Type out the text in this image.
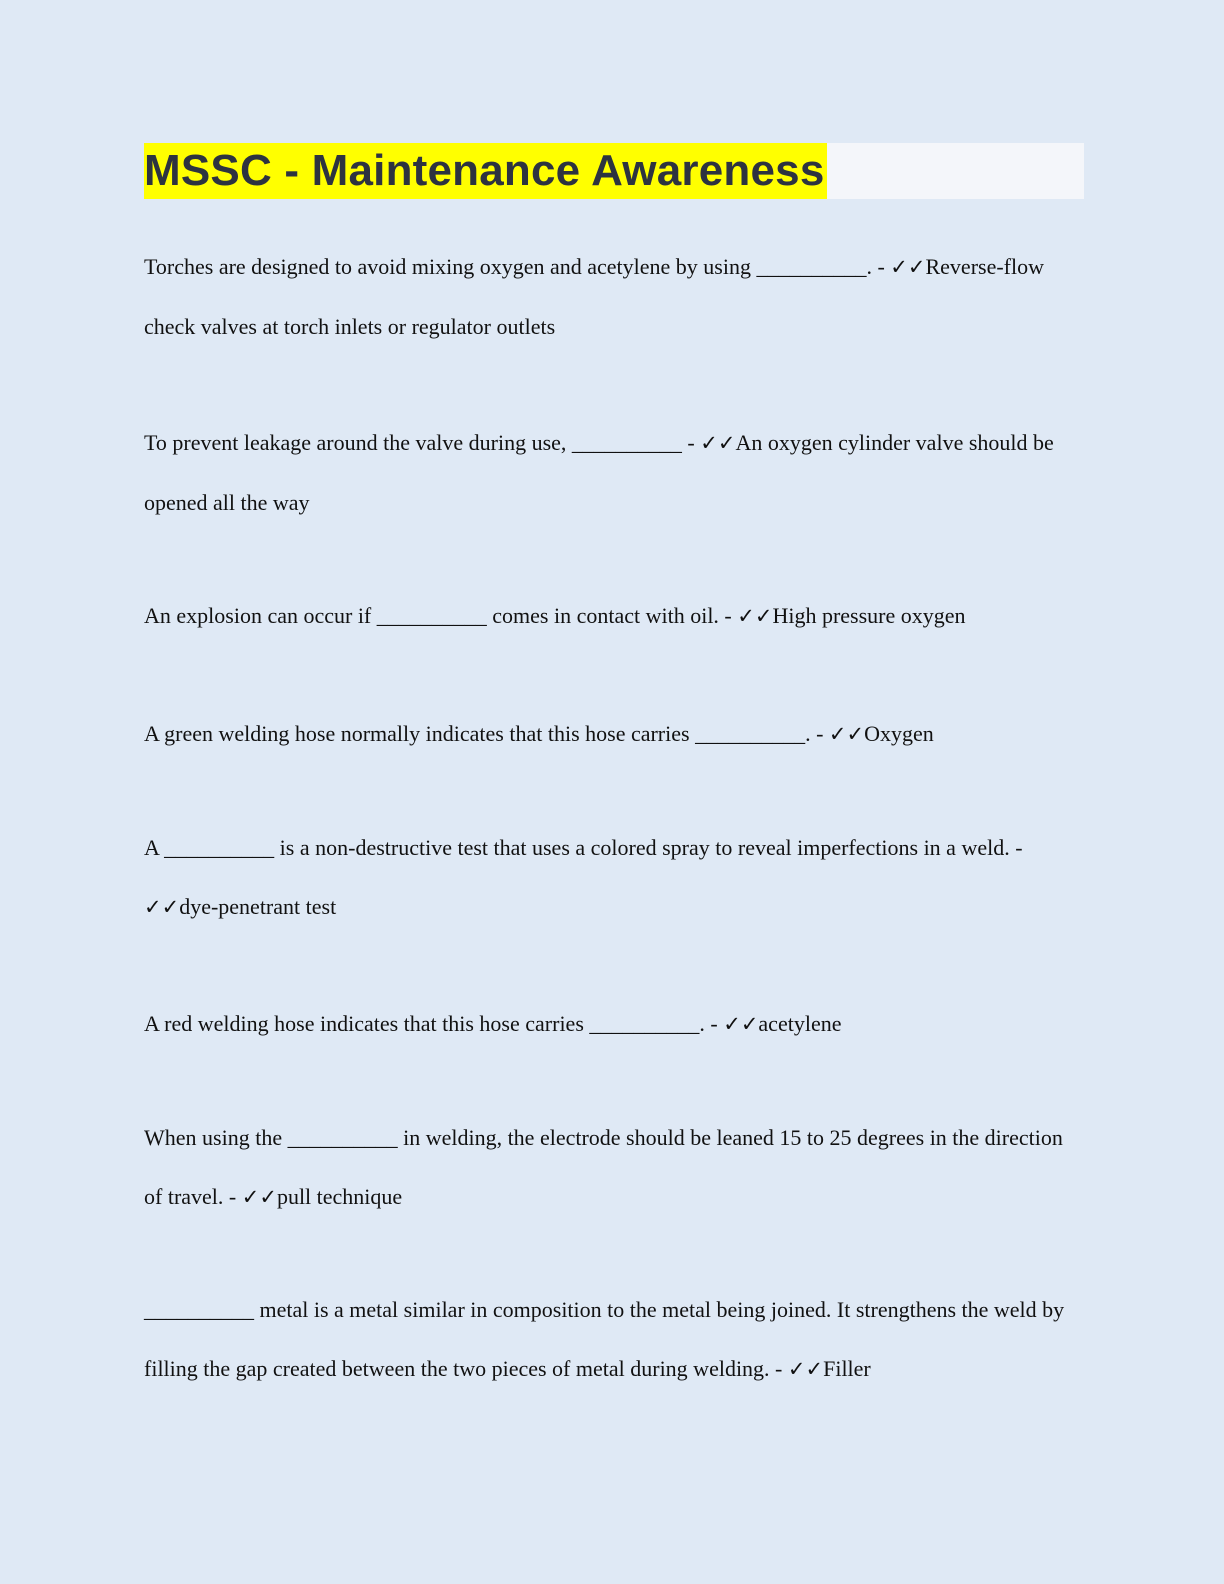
MSSC - Maintenance Awareness

Torches are designed to avoid mixing oxygen and acetylene by using __________. - ✓✓Reverse-flow check valves at torch inlets or regulator outlets

To prevent leakage around the valve during use, __________ - ✓✓An oxygen cylinder valve should be opened all the way

An explosion can occur if __________ comes in contact with oil. - ✓✓High pressure oxygen

A green welding hose normally indicates that this hose carries __________. - ✓✓Oxygen

A __________ is a non-destructive test that uses a colored spray to reveal imperfections in a weld. - ✓✓dye-penetrant test

A red welding hose indicates that this hose carries __________. - ✓✓acetylene

When using the __________ in welding, the electrode should be leaned 15 to 25 degrees in the direction of travel. - ✓✓pull technique

__________ metal is a metal similar in composition to the metal being joined. It strengthens the weld by filling the gap created between the two pieces of metal during welding. - ✓✓Filler
